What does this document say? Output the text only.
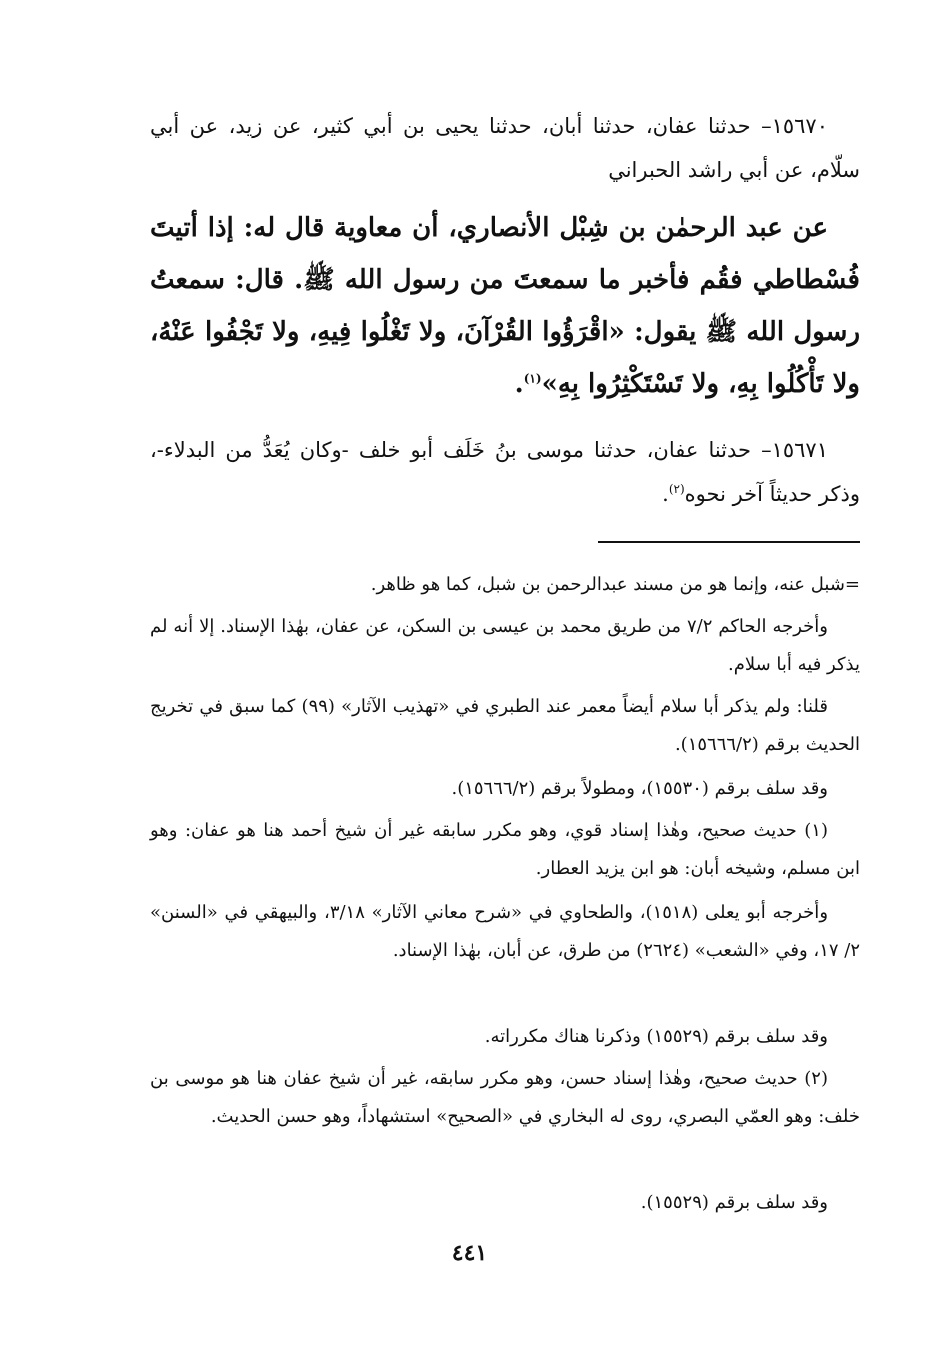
١٥٦٧٠– حدثنا عفان، حدثنا أبان، حدثنا يحيى بن أبي كثير، عن زيد، عن أبي سلّام، عن أبي راشد الحبراني

عن عبد الرحمٰن بن شِبْل الأنصاري، أن معاوية قال له: إذا أتيتَ فُسْطاطي فقُم فأخبر ما سمعتَ من رسول الله ﷺ. قال: سمعتُ رسول الله ﷺ يقول: «اقْرَؤُوا القُرْآنَ، ولا تَغْلُوا فِيهِ، ولا تَجْفُوا عَنْهُ، ولا تَأْكُلُوا بِهِ، ولا تَسْتَكْثِرُوا بِهِ»$^{(١)}$.

١٥٦٧١– حدثنا عفان، حدثنا موسى بنُ خَلَف أبو خلف -وكان يُعَدُّ من البدلاء-، وذكر حديثاً آخر نحوه$^{(٢)}$.

=شبل عنه، وإنما هو من مسند عبدالرحمن بن شبل، كما هو ظاهر.

وأخرجه الحاكم ٧/٢ من طريق محمد بن عيسى بن السكن، عن عفان، بهٰذا الإسناد. إلا أنه لم يذكر فيه أبا سلام.

قلنا: ولم يذكر أبا سلام أيضاً معمر عند الطبري في «تهذيب الآثار» (٩٩) كما سبق في تخريج الحديث برقم (١٥٦٦٦/٢).

وقد سلف برقم (١٥٥٣٠)، ومطولاً برقم (١٥٦٦٦/٢).

(١) حديث صحيح، وهٰذا إسناد قوي، وهو مكرر سابقه غير أن شيخ أحمد هنا هو عفان: وهو ابن مسلم، وشيخه أبان: هو ابن يزيد العطار.

وأخرجه أبو يعلى (١٥١٨)، والطحاوي في «شرح معاني الآثار» ٣/١٨، والبيهقي في «السنن» ٢/ ١٧، وفي «الشعب» (٢٦٢٤) من طرق، عن أبان، بهٰذا الإسناد.

وقد سلف برقم (١٥٥٢٩) وذكرنا هناك مكرراته.

(٢) حديث صحيح، وهٰذا إسناد حسن، وهو مكرر سابقه، غير أن شيخ عفان هنا هو موسى بن خلف: وهو العمّي البصري، روى له البخاري في «الصحيح» استشهاداً، وهو حسن الحديث.

وقد سلف برقم (١٥٥٢٩).

٤٤١
